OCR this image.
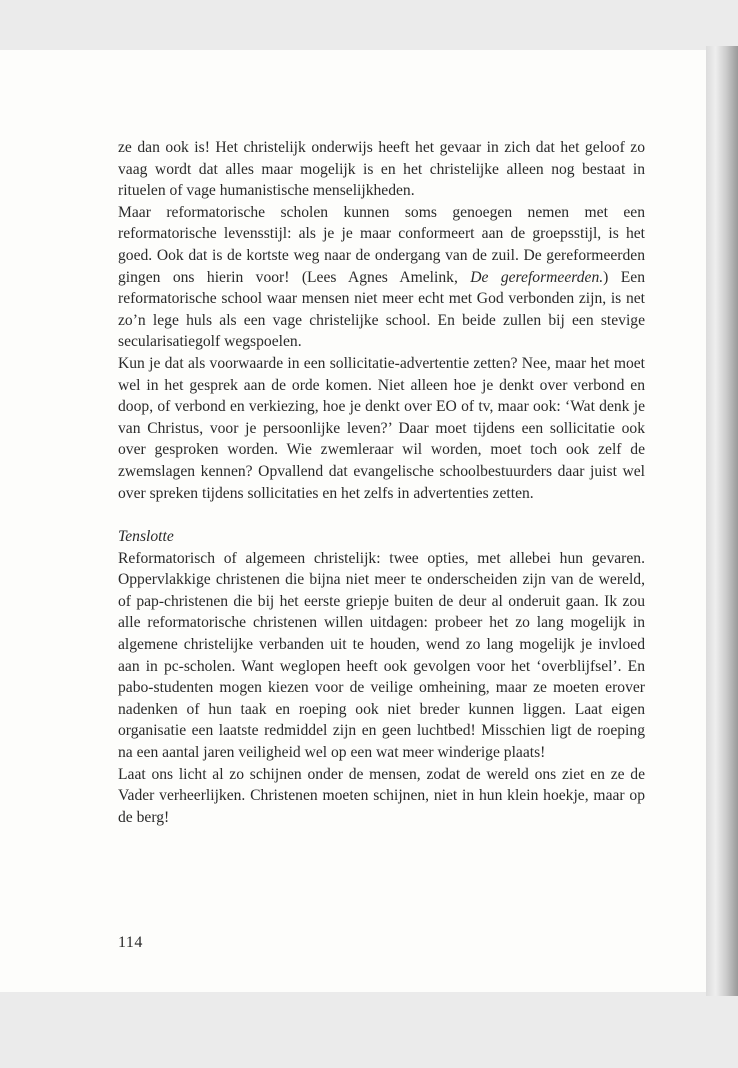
ze dan ook is! Het christelijk onderwijs heeft het gevaar in zich dat het geloof zo vaag wordt dat alles maar mogelijk is en het christelijke alleen nog bestaat in rituelen of vage humanistische menselijkheden.

Maar reformatorische scholen kunnen soms genoegen nemen met een reformatorische levensstijl: als je je maar conformeert aan de groepsstijl, is het goed. Ook dat is de kortste weg naar de ondergang van de zuil. De gereformeerden gingen ons hierin voor! (Lees Agnes Amelink, De gereformeerden.) Een reformatorische school waar mensen niet meer echt met God verbonden zijn, is net zo’n lege huls als een vage christelijke school. En beide zullen bij een stevige secularisatiegolf wegspoelen.

Kun je dat als voorwaarde in een sollicitatie-advertentie zetten? Nee, maar het moet wel in het gesprek aan de orde komen. Niet alleen hoe je denkt over verbond en doop, of verbond en verkiezing, hoe je denkt over EO of tv, maar ook: ‘Wat denk je van Christus, voor je persoonlijke leven?’ Daar moet tijdens een sollicitatie ook over gesproken worden. Wie zwemleraar wil worden, moet toch ook zelf de zwemslagen kennen? Opvallend dat evangelische schoolbestuurders daar juist wel over spreken tijdens sollicitaties en het zelfs in advertenties zetten.

Tenslotte

Reformatorisch of algemeen christelijk: twee opties, met allebei hun gevaren. Oppervlakkige christenen die bijna niet meer te onderscheiden zijn van de wereld, of pap-christenen die bij het eerste griepje buiten de deur al onderuit gaan. Ik zou alle reformatorische christenen willen uitdagen: probeer het zo lang mogelijk in algemene christelijke verbanden uit te houden, wend zo lang mogelijk je invloed aan in pc-scholen. Want weglopen heeft ook gevolgen voor het ‘overblijfsel’. En pabo-studenten mogen kiezen voor de veilige omheining, maar ze moeten erover nadenken of hun taak en roeping ook niet breder kunnen liggen. Laat eigen organisatie een laatste redmiddel zijn en geen luchtbed! Misschien ligt de roeping na een aantal jaren veiligheid wel op een wat meer winderige plaats!

Laat ons licht al zo schijnen onder de mensen, zodat de wereld ons ziet en ze de Vader verheerlijken. Christenen moeten schijnen, niet in hun klein hoekje, maar op de berg!

114
